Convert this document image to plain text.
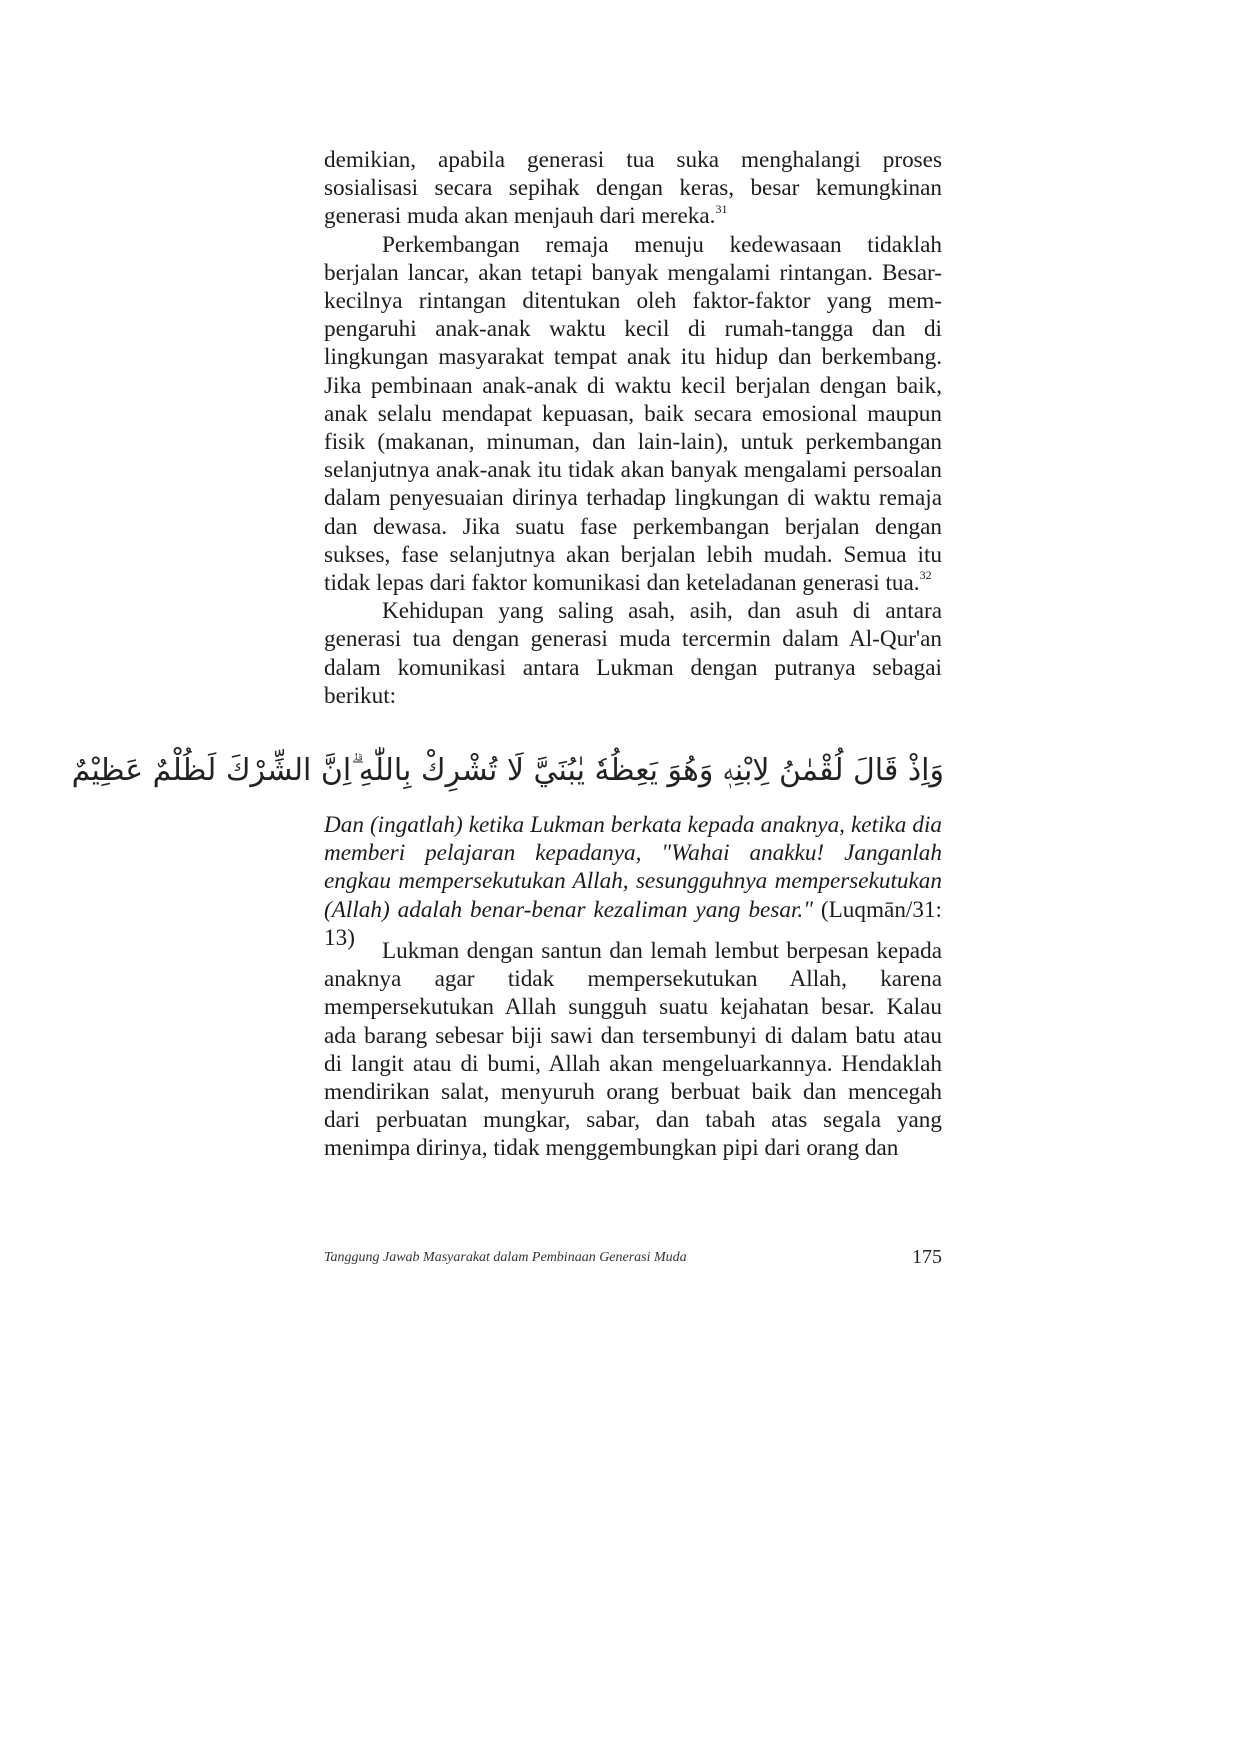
demikian, apabila generasi tua suka menghalangi proses sosialisasi secara sepihak dengan keras, besar kemungkinan generasi muda akan menjauh dari mereka.$^{31}$

Perkembangan remaja menuju kedewasaan tidaklah berjalan lancar, akan tetapi banyak mengalami rintangan. Besar-kecilnya rintangan ditentukan oleh faktor-faktor yang mem-pengaruhi anak-anak waktu kecil di rumah-tangga dan di lingkungan masyarakat tempat anak itu hidup dan berkembang. Jika pembinaan anak-anak di waktu kecil berjalan dengan baik, anak selalu mendapat kepuasan, baik secara emosional maupun fisik (makanan, minuman, dan lain-lain), untuk perkembangan selanjutnya anak-anak itu tidak akan banyak mengalami persoalan dalam penyesuaian dirinya terhadap lingkungan di waktu remaja dan dewasa. Jika suatu fase perkembangan berjalan dengan sukses, fase selanjutnya akan berjalan lebih mudah. Semua itu tidak lepas dari faktor komunikasi dan keteladanan generasi tua.$^{32}$

Kehidupan yang saling asah, asih, dan asuh di antara generasi tua dengan generasi muda tercermin dalam Al-Qur'an dalam komunikasi antara Lukman dengan putranya sebagai berikut:

وَاِذْ قَالَ لُقْمٰنُ لِابْنِهٖ وَهُوَ يَعِظُهٗ يٰبُنَيَّ لَا تُشْرِكْ بِاللّٰهِ ۗاِنَّ الشِّرْكَ لَظُلْمٌ عَظِيْمٌ

Dan (ingatlah) ketika Lukman berkata kepada anaknya, ketika dia memberi pelajaran kepadanya, "Wahai anakku! Janganlah engkau mempersekutukan Allah, sesungguhnya mempersekutukan (Allah) adalah benar-benar kezaliman yang besar." (Luqmān/31: 13)

Lukman dengan santun dan lemah lembut berpesan kepada anaknya agar tidak mempersekutukan Allah, karena mempersekutukan Allah sungguh suatu kejahatan besar. Kalau ada barang sebesar biji sawi dan tersembunyi di dalam batu atau di langit atau di bumi, Allah akan mengeluarkannya. Hendaklah mendirikan salat, menyuruh orang berbuat baik dan mencegah dari perbuatan mungkar, sabar, dan tabah atas segala yang menimpa dirinya, tidak menggembungkan pipi dari orang dan

Tanggung Jawab Masyarakat dalam Pembinaan Generasi Muda	175
